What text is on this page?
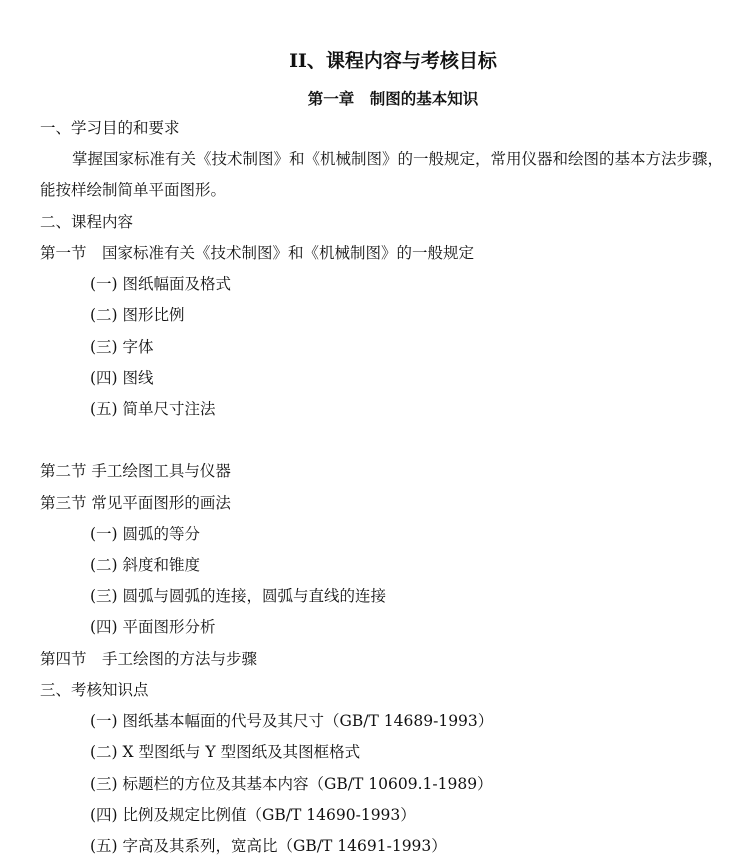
II、课程内容与考核目标
第一章　制图的基本知识
一、学习目的和要求
掌握国家标准有关《技术制图》和《机械制图》的一般规定，常用仪器和绘图的基本方法步骤，
能按样绘制简单平面图形。
二、课程内容
第一节　国家标准有关《技术制图》和《机械制图》的一般规定
(一) 图纸幅面及格式
(二) 图形比例
(三) 字体
(四) 图线
(五) 简单尺寸注法
第二节 手工绘图工具与仪器
第三节 常见平面图形的画法
(一) 圆弧的等分
(二) 斜度和锥度
(三) 圆弧与圆弧的连接，圆弧与直线的连接
(四) 平面图形分析
第四节　手工绘图的方法与步骤
三、考核知识点
(一) 图纸基本幅面的代号及其尺寸（GB/T 14689-1993）
(二) X 型图纸与 Y 型图纸及其图框格式
(三) 标题栏的方位及其基本内容（GB/T 10609.1-1989）
(四) 比例及规定比例值（GB/T 14690-1993）
(五) 字高及其系列，宽高比（GB/T 14691-1993）
